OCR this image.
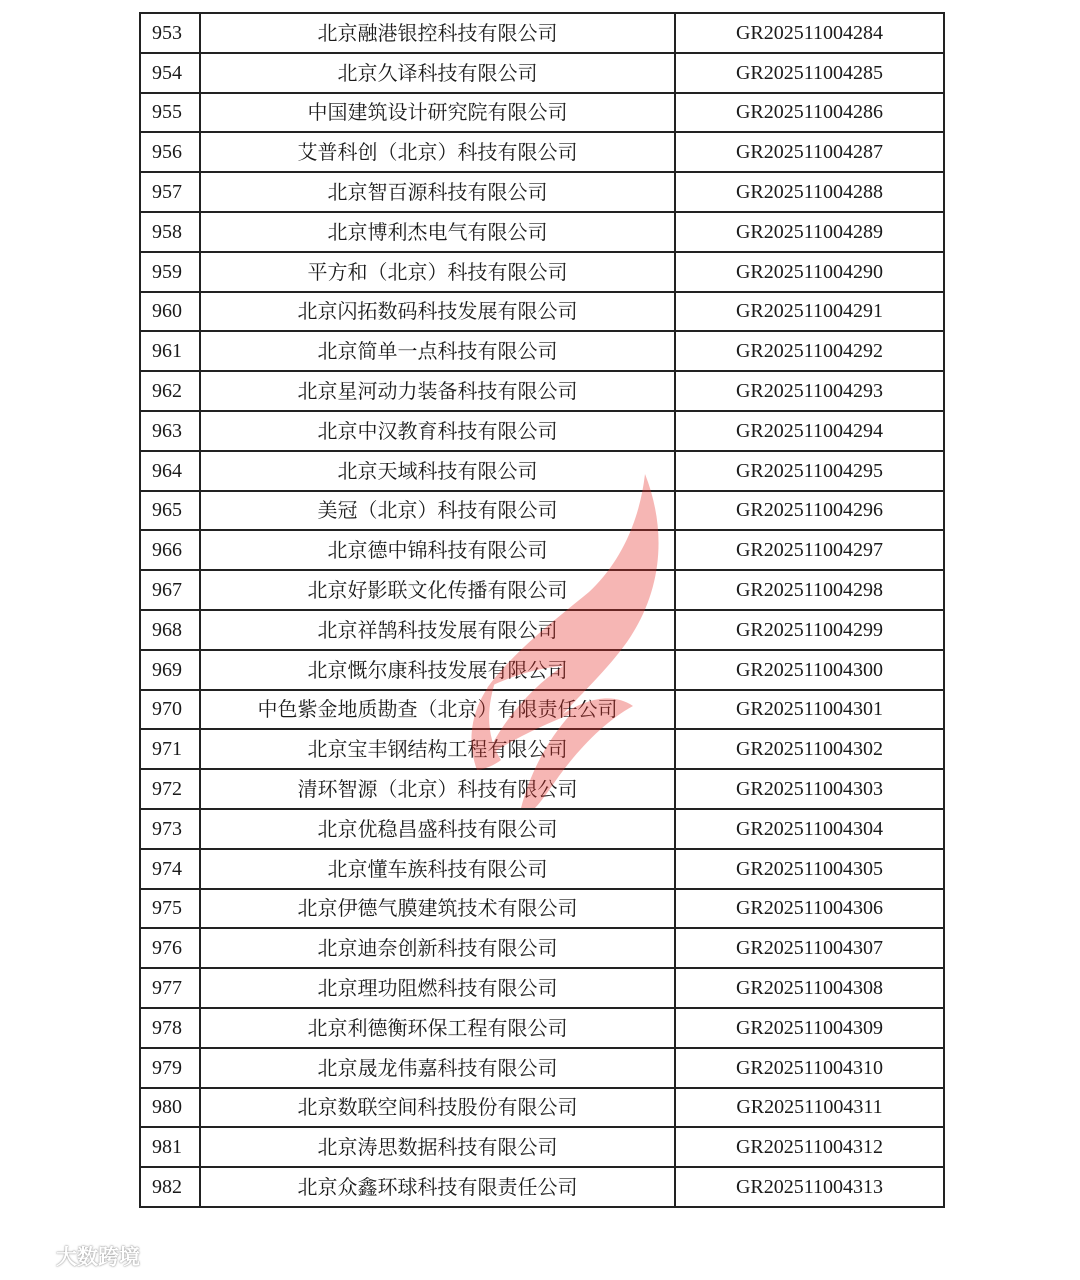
953	北京融港银控科技有限公司	GR202511004284
954	北京久译科技有限公司	GR202511004285
955	中国建筑设计研究院有限公司	GR202511004286
956	艾普科创（北京）科技有限公司	GR202511004287
957	北京智百源科技有限公司	GR202511004288
958	北京博利杰电气有限公司	GR202511004289
959	平方和（北京）科技有限公司	GR202511004290
960	北京闪拓数码科技发展有限公司	GR202511004291
961	北京简单一点科技有限公司	GR202511004292
962	北京星河动力装备科技有限公司	GR202511004293
963	北京中汉教育科技有限公司	GR202511004294
964	北京天域科技有限公司	GR202511004295
965	美冠（北京）科技有限公司	GR202511004296
966	北京德中锦科技有限公司	GR202511004297
967	北京好影联文化传播有限公司	GR202511004298
968	北京祥鹄科技发展有限公司	GR202511004299
969	北京慨尔康科技发展有限公司	GR202511004300
970	中色紫金地质勘查（北京）有限责任公司	GR202511004301
971	北京宝丰钢结构工程有限公司	GR202511004302
972	清环智源（北京）科技有限公司	GR202511004303
973	北京优稳昌盛科技有限公司	GR202511004304
974	北京懂车族科技有限公司	GR202511004305
975	北京伊德气膜建筑技术有限公司	GR202511004306
976	北京迪奈创新科技有限公司	GR202511004307
977	北京理功阻燃科技有限公司	GR202511004308
978	北京利德衡环保工程有限公司	GR202511004309
979	北京晟龙伟嘉科技有限公司	GR202511004310
980	北京数联空间科技股份有限公司	GR202511004311
981	北京涛思数据科技有限公司	GR202511004312
982	北京众鑫环球科技有限责任公司	GR202511004313
大数跨境
